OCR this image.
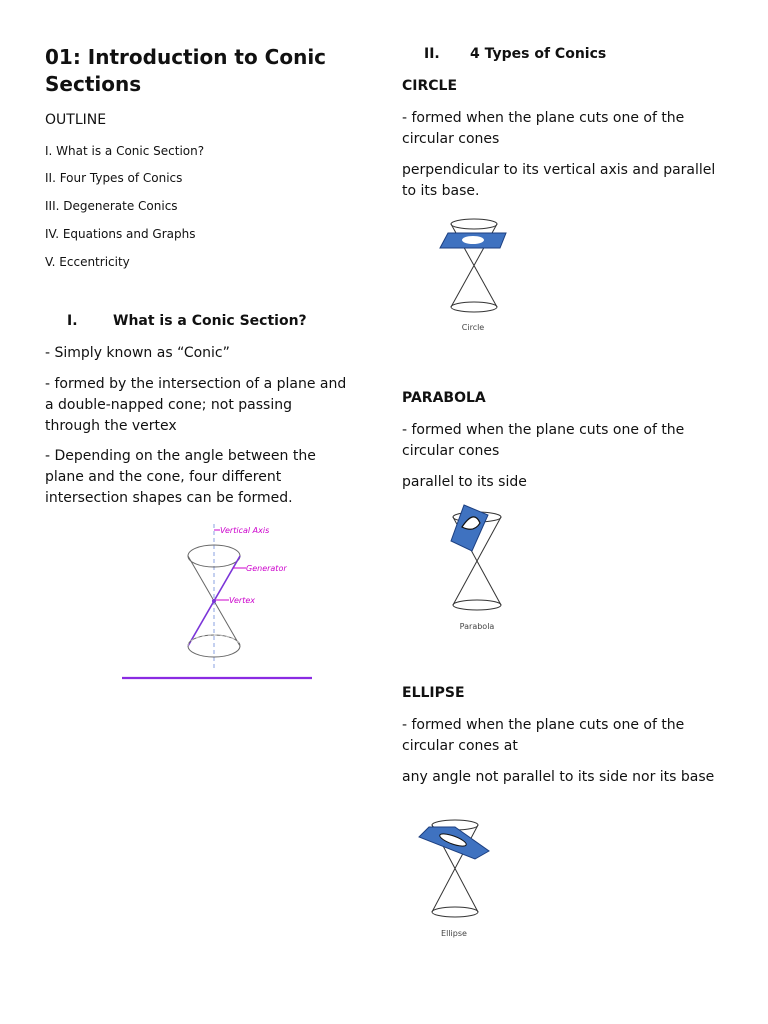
01: Introduction to Conic Sections
OUTLINE
I. What is a Conic Section?
II. Four Types of Conics
III. Degenerate Conics
IV. Equations and Graphs
V. Eccentricity
I.	What is a Conic Section?
- Simply known as “Conic”
- formed by the intersection of a plane and a double-napped cone; not passing through the vertex
- Depending on the angle between the plane and the cone, four different intersection shapes can be formed.
Vertical Axis
Generator
Vertex
II. 4 Types of Conics
CIRCLE
- formed when the plane cuts one of the circular cones
perpendicular to its vertical axis and parallel to its base.
Circle
PARABOLA
- formed when the plane cuts one of the circular cones
parallel to its side
Parabola
ELLIPSE
- formed when the plane cuts one of the circular cones at
any angle not parallel to its side nor its base
Ellipse
